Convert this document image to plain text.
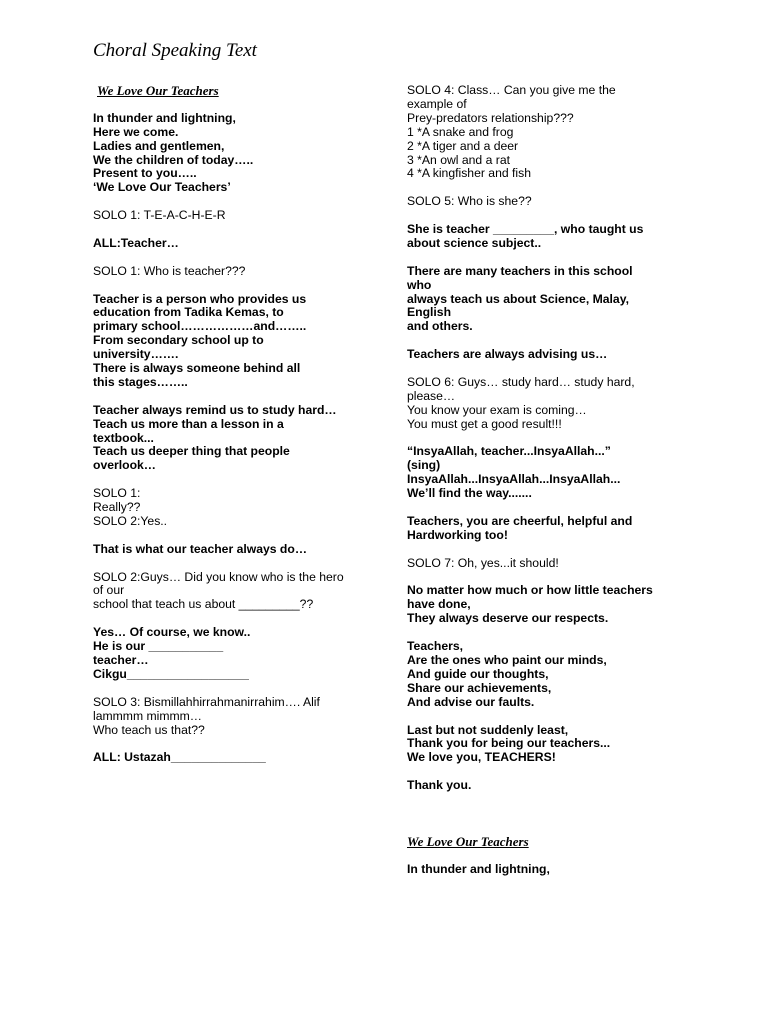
Choral Speaking Text

We Love Our Teachers

In thunder and lightning,
Here we come.
Ladies and gentlemen,
We the children of today…..
Present to you…..
‘We Love Our Teachers’

SOLO 1: T-E-A-C-H-E-R

ALL:Teacher…

SOLO 1: Who is teacher???

Teacher is a person who provides us
education from Tadika Kemas, to
primary school………………and……..
From secondary school up to
university…….
There is always someone behind all
this stages……..

Teacher always remind us to study hard…
Teach us more than a lesson in a
textbook...
Teach us deeper thing that people
overlook…

SOLO 1:
Really??
SOLO 2:Yes..

That is what our teacher always do…

SOLO 2:Guys… Did you know who is the hero
of our
school that teach us about _________??

Yes… Of course, we know..
He is our ___________
teacher…
Cikgu__________________

SOLO 3: Bismillahhirrahmanirrahim…. Alif
lammmm mimmm…
Who teach us that??

ALL: Ustazah______________

SOLO 4: Class… Can you give me the
example of
Prey-predators relationship???
1 *A snake and frog
2 *A tiger and a deer
3 *An owl and a rat
4 *A kingfisher and fish

SOLO 5: Who is she??

She is teacher _________, who taught us
about science subject..

There are many teachers in this school
who
always teach us about Science, Malay,
English
and others.

Teachers are always advising us…

SOLO 6: Guys… study hard… study hard,
please…
You know your exam is coming…
You must get a good result!!!

“InsyaAllah, teacher...InsyaAllah...”
(sing)
InsyaAllah...InsyaAllah...InsyaAllah...
We’ll find the way.......

Teachers, you are cheerful, helpful and
Hardworking too!

SOLO 7: Oh, yes...it should!

No matter how much or how little teachers
have done,
They always deserve our respects.

Teachers,
Are the ones who paint our minds,
And guide our thoughts,
Share our achievements,
And advise our faults.

Last but not suddenly least,
Thank you for being our teachers...
We love you, TEACHERS!

Thank you.

We Love Our Teachers

In thunder and lightning,
